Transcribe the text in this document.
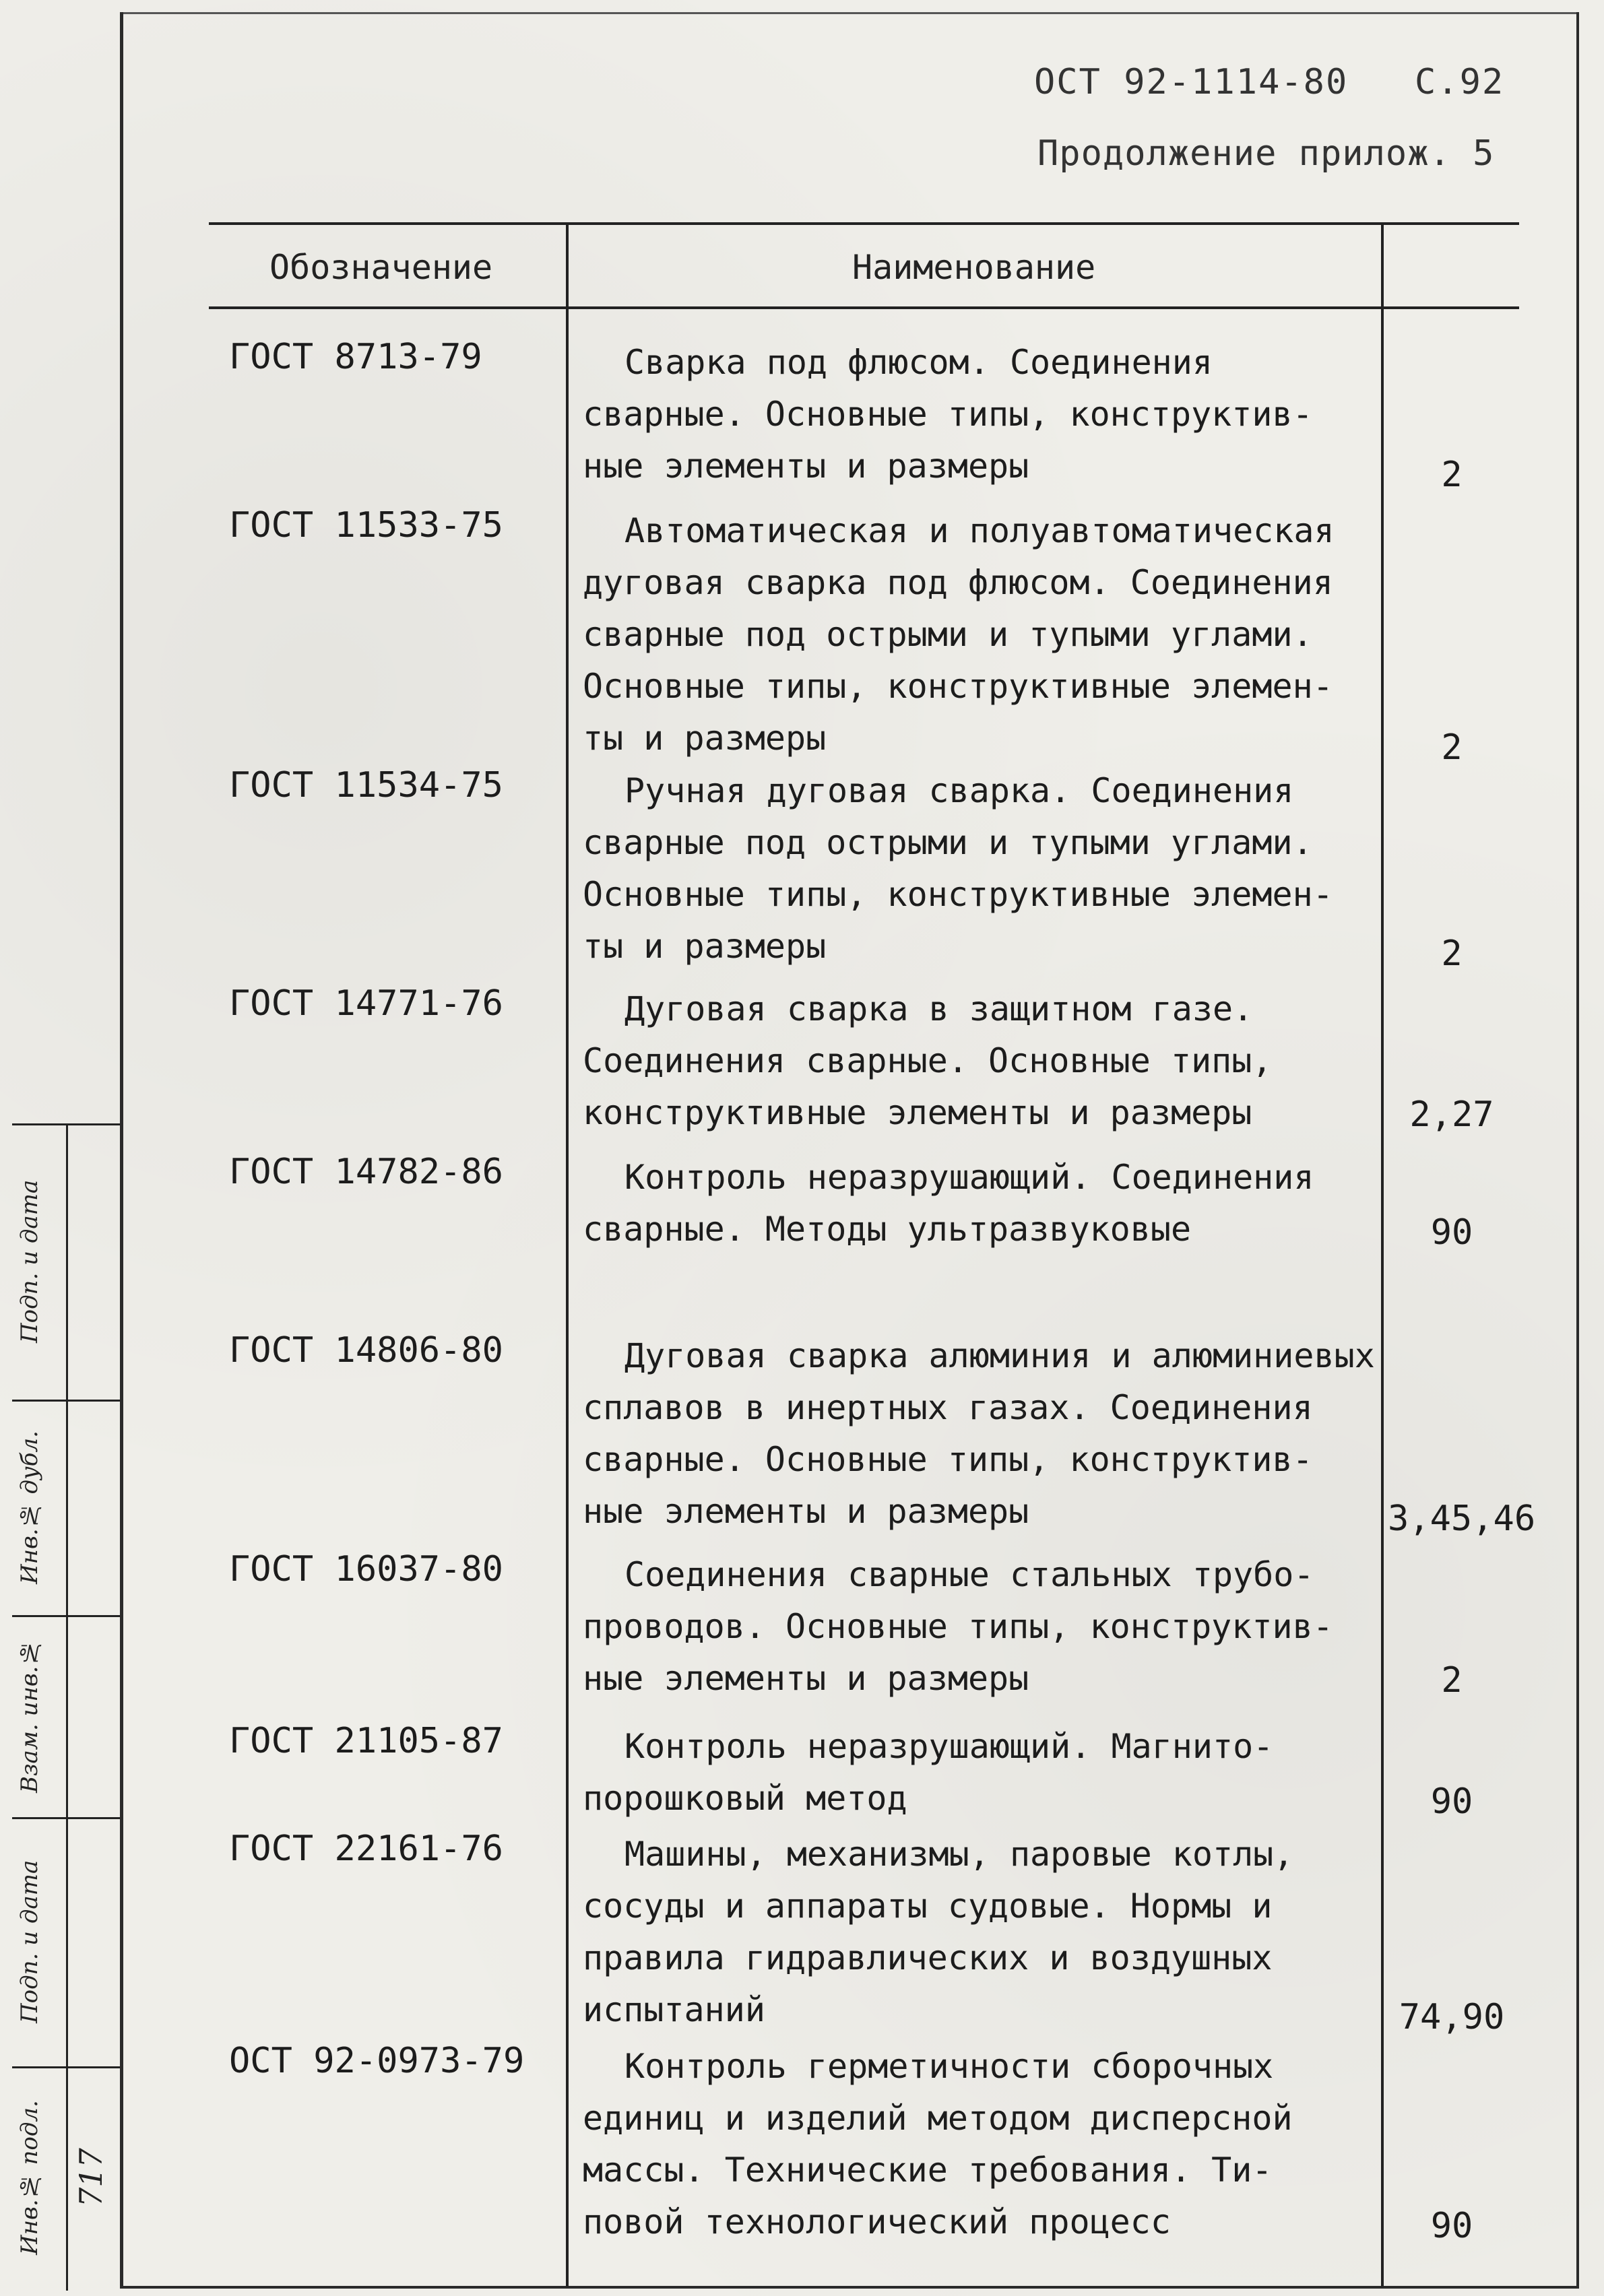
ОСТ 92-1114-80 С.92
Продолжение прилож. 5
Обозначение	Наименование
ГОСТ 8713-79	Сварка под флюсом. Соединения
сварные. Основные типы, конструктив-
ные элементы и размеры	2
ГОСТ 11533-75	Автоматическая и полуавтоматическая
дуговая сварка под флюсом. Соединения
сварные под острыми и тупыми углами.
Основные типы, конструктивные элемен-
ты и размеры	2
ГОСТ 11534-75	Ручная дуговая сварка. Соединения
сварные под острыми и тупыми углами.
Основные типы, конструктивные элемен-
ты и размеры	2
ГОСТ 14771-76	Дуговая сварка в защитном газе.
Соединения сварные. Основные типы,
конструктивные элементы и размеры	2,27
ГОСТ 14782-86	Контроль неразрушающий. Соединения
сварные. Методы ультразвуковые	90
ГОСТ 14806-80	Дуговая сварка алюминия и алюминиевых
сплавов в инертных газах. Соединения
сварные. Основные типы, конструктив-
ные элементы и размеры	3,45,46
ГОСТ 16037-80	Соединения сварные стальных трубо-
проводов. Основные типы, конструктив-
ные элементы и размеры	2
ГОСТ 21105-87	Контроль неразрушающий. Магнито-
порошковый метод	90
ГОСТ 22161-76	Машины, механизмы, паровые котлы,
сосуды и аппараты судовые. Нормы и
правила гидравлических и воздушных
испытаний	74,90
ОСТ 92-0973-79	Контроль герметичности сборочных
единиц и изделий методом дисперсной
массы. Технические требования. Ти-
повой технологический процесс	90
Подп. и дата
Инв.№ дубл.
Взам. инв.№
Подп. и дата
Инв.№ подл. 717
